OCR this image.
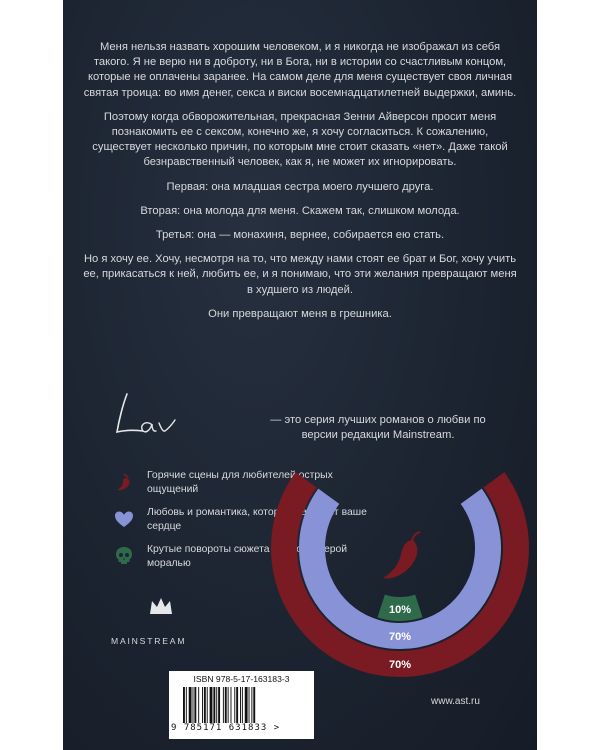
Меня нельзя назвать хорошим человеком, и я никогда не изображал из себя такого. Я не верю ни в доброту, ни в Бога, ни в истории со счастливым концом, которые не оплачены заранее. На самом деле для меня существует своя личная святая троица: во имя денег, секса и виски восемнадцатилетней выдержки, аминь.

Поэтому когда обворожительная, прекрасная Зенни Айверсон просит меня познакомить ее с сексом, конечно же, я хочу согласиться. К сожалению, существует несколько причин, по которым мне стоит сказать «нет». Даже такой безнравственный человек, как я, не может их игнорировать.

Первая: она младшая сестра моего лучшего друга.

Вторая: она молода для меня. Скажем так, слишком молода.

Третья: она — монахиня, вернее, собирается ею стать.

Но я хочу ее. Хочу, несмотря на то, что между нами стоят ее брат и Бог, хочу учить ее, прикасаться к ней, любить ее, и я понимаю, что эти желания превращают меня в худшего из людей.

Они превращают меня в грешника.

— это серия лучших романов о любви по версии редакции Mainstream.
Горячие сцены для любителей острых ощущений
Любовь и романтика, которые растопят ваше сердце
Крутые повороты сюжета и герои с серой моралью
10%
70%
70%
MAINSTREAM
ISBN 978-5-17-163183-3
9 785171 631833 >
www.ast.ru
